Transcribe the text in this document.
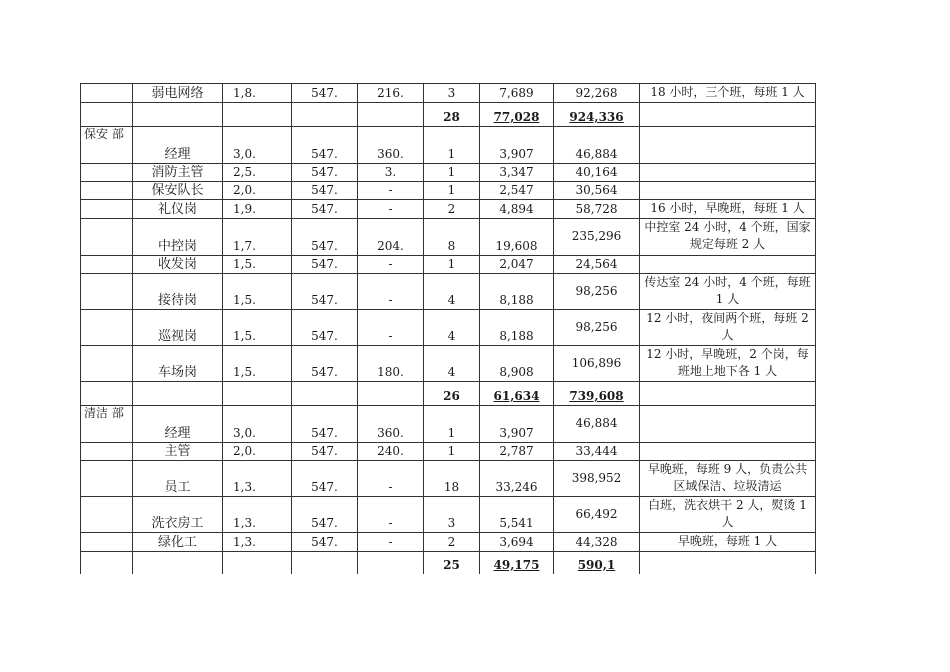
	弱电网络	1,8.	547.	216.	3	7,689	92,268	18 小时，三个班，每班 1 人
					28	77,028	924,336	
保安 部	经理	3,0.	547.	360.	1	3,907	46,884	
	消防主管	2,5.	547.	3.	1	3,347	40,164	
	保安队长	2,0.	547.	-	1	2,547	30,564	
	礼仪岗	1,9.	547.	-	2	4,894	58,728	16 小时，早晚班，每班 1 人
	中控岗	1,7.	547.	204.	8	19,608	235,296	中控室 24 小时，4 个班，国家规定每班 2 人
	收发岗	1,5.	547.	-	1	2,047	24,564	
	接待岗	1,5.	547.	-	4	8,188	98,256	传达室 24 小时，4 个班，每班 1 人
	巡视岗	1,5.	547.	-	4	8,188	98,256	12 小时，夜间两个班，每班 2 人
	车场岗	1,5.	547.	180.	4	8,908	106,896	12 小时，早晚班，2 个岗，每班地上地下各 1 人
					26	61,634	739,608	
清洁 部	经理	3,0.	547.	360.	1	3,907	46,884	
	主管	2,0.	547.	240.	1	2,787	33,444	
	员工	1,3.	547.	-	18	33,246	398,952	早晚班，每班 9 人，负责公共区域保洁、垃圾清运
	洗衣房工	1,3.	547.	-	3	5,541	66,492	白班，洗衣烘干 2 人，熨烫 1 人
	绿化工	1,3.	547.	-	2	3,694	44,328	早晚班，每班 1 人
					25	49,175	590,1	
